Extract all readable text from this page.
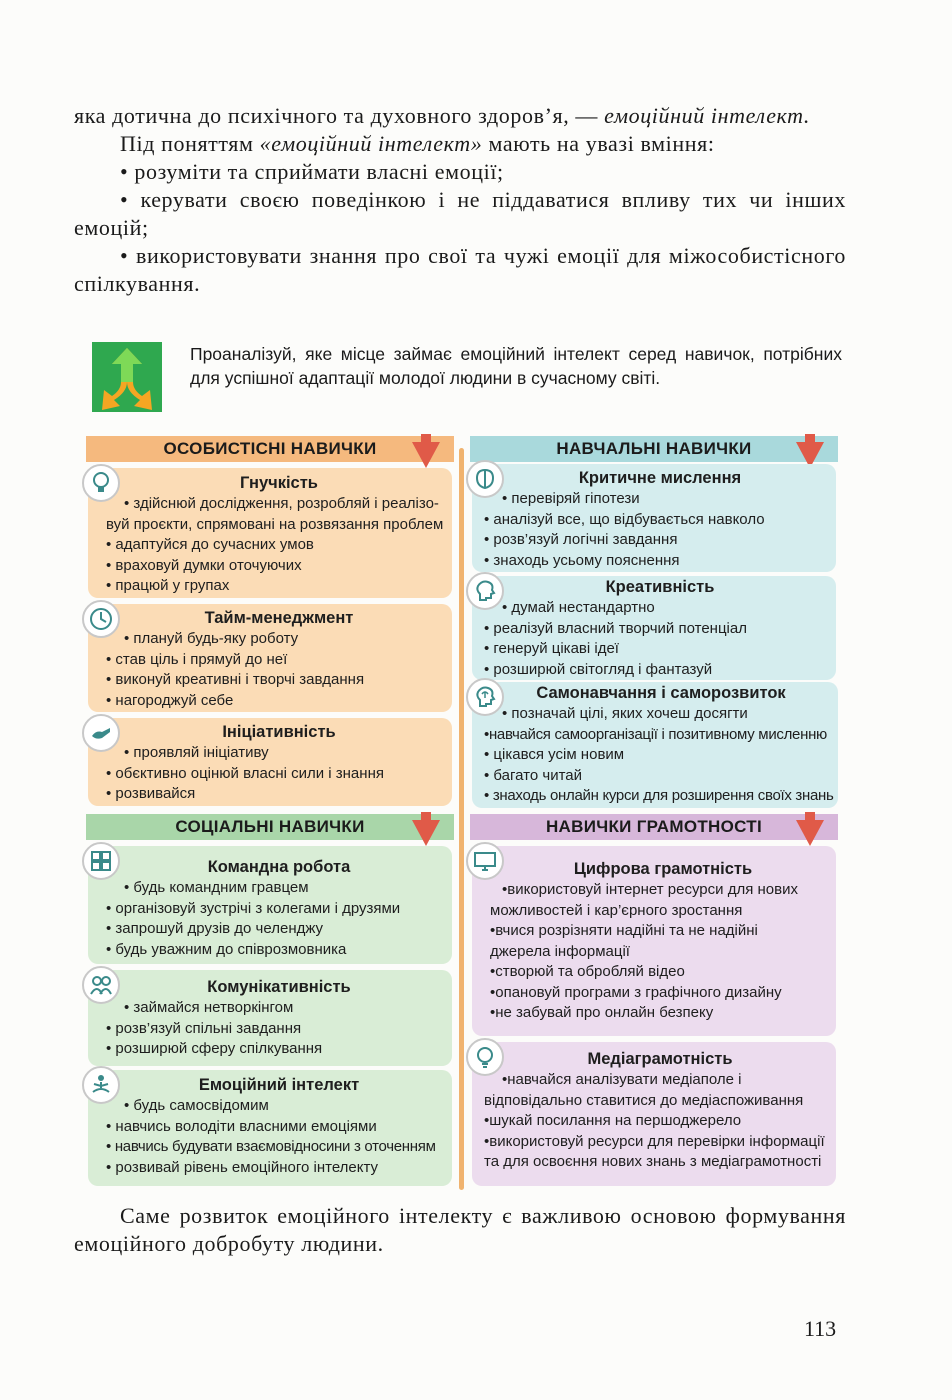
яка дотична до психічного та духовного здоров’я, — емоційний інтелект.

Під поняттям «емоційний інтелект» мають на увазі вміння:

• розуміти та сприймати власні емоції;

• керувати своєю поведінкою і не піддаватися впливу тих чи інших емоцій;

• використовувати знання про свої та чужі емоції для міжособистісного спілкування.

Проаналізуй, яке місце займає емоційний інтелект серед навичок, потрібних для успішної адаптації молодої людини в сучасному світі.
ОСОБИСТІСНІ НАВИЧКИ	НАВЧАЛЬНІ НАВИЧКИ
Гнучкість
• здійснюй дослідження, розробляй і реалізо-
вуй проєкти, спрямовані на розвязання проблем
• адаптуйся до сучасних умов
• враховуй думки оточуючих
• працюй у групах
Тайм-менеджмент
• плануй будь-яку роботу
• став ціль і прямуй до неї
• виконуй креативні і творчі завдання
• нагороджуй себе
Ініціативність
• проявляй ініціативу
• обєктивно оцінюй власні сили і знання
• розвивайся
Критичне мислення
• перевіряй гіпотези
• аналізуй все, що відбувається навколо
• розв’язуй логічні завдання
• знаходь усьому пояснення
Креативність
• думай нестандартно
• реалізуй власний творчий потенціал
• генеруй цікаві ідеї
• розширюй світогляд і фантазуй
Самонавчання і саморозвиток
• позначай цілі, яких хочеш досягти
•навчайся самоорганізації і позитивному мисленню
• цікався усім новим
• багато читай
• знаходь онлайн курси для розширення своїх знань
СОЦІАЛЬНІ НАВИЧКИ	НАВИЧКИ ГРАМОТНОСТІ
Командна робота
• будь командним гравцем
• організовуй зустрічі з колегами і друзями
• запрошуй друзів до челенджу
• будь уважним до співрозмовника
Комунікативність
• займайся нетворкінгом
• розв’язуй спільні завдання
• розширюй сферу спілкування
Емоційний інтелект
• будь самосвідомим
• навчись володіти власними емоціями
• навчись будувати взаємовідносини з оточенням
• розвивай рівень емоційного інтелекту
Цифрова грамотність
•використовуй інтернет ресурси для нових
можливостей і кар’єрного зростання
•вчися розрізняти надійні та не надійні
джерела інформації
•створюй та обробляй відео
•опановуй програми з графічного дизайну
•не забувай про онлайн безпеку
Медіаграмотність
•навчайся аналізувати медіаполе і
відповідально ставитися до медіаспоживання
•шукай посилання на першоджерело
•використовуй ресурси для перевірки інформації
та для освоєння нових знань з медіаграмотності

Саме розвиток емоційного інтелекту є важливою основою формування емоційного добробуту людини.

113
